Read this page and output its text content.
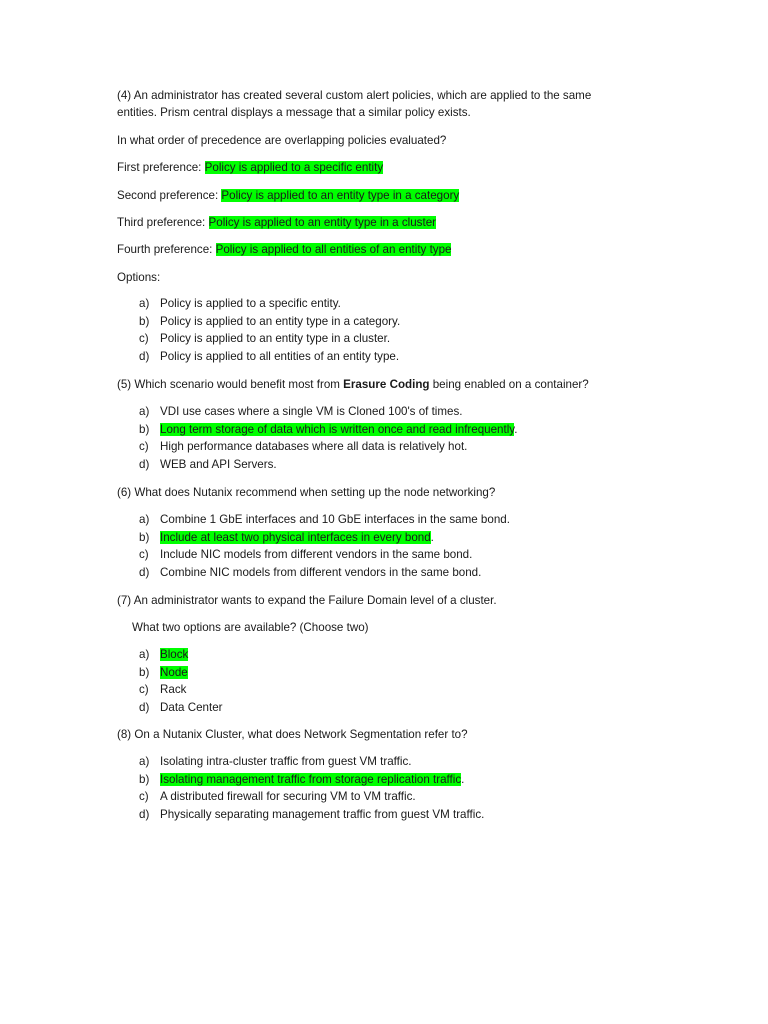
(4) An administrator has created several custom alert policies, which are applied to the same
entities. Prism central displays a message that a similar policy exists.
In what order of precedence are overlapping policies evaluated?
First preference: Policy is applied to a specific entity
Second preference: Policy is applied to an entity type in a category
Third preference: Policy is applied to an entity type in a cluster
Fourth preference: Policy is applied to all entities of an entity type
Options:
a) Policy is applied to a specific entity.
b) Policy is applied to an entity type in a category.
c) Policy is applied to an entity type in a cluster.
d) Policy is applied to all entities of an entity type.
(5) Which scenario would benefit most from Erasure Coding being enabled on a container?
a) VDI use cases where a single VM is Cloned 100's of times.
b) Long term storage of data which is written once and read infrequently.
c) High performance databases where all data is relatively hot.
d) WEB and API Servers.
(6) What does Nutanix recommend when setting up the node networking?
a) Combine 1 GbE interfaces and 10 GbE interfaces in the same bond.
b) Include at least two physical interfaces in every bond.
c) Include NIC models from different vendors in the same bond.
d) Combine NIC models from different vendors in the same bond.
(7) An administrator wants to expand the Failure Domain level of a cluster.
What two options are available? (Choose two)
a) Block
b) Node
c) Rack
d) Data Center
(8) On a Nutanix Cluster, what does Network Segmentation refer to?
a) Isolating intra-cluster traffic from guest VM traffic.
b) Isolating management traffic from storage replication traffic.
c) A distributed firewall for securing VM to VM traffic.
d) Physically separating management traffic from guest VM traffic.
